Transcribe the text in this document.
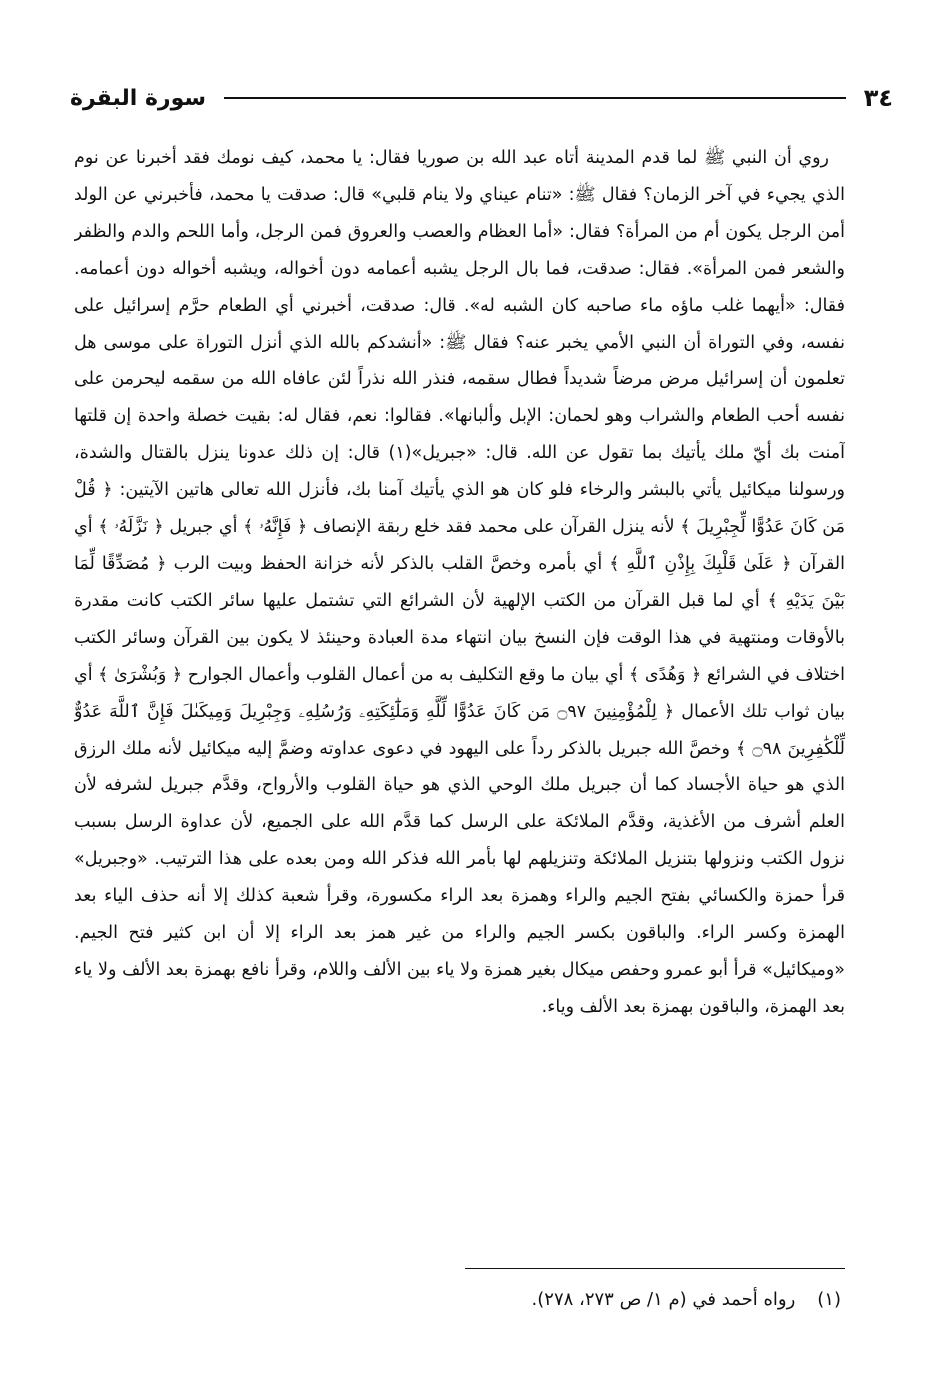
٣٤
سورة البقرة

روي أن النبي ﷺ لما قدم المدينة أتاه عبد الله بن صوريا فقال: يا محمد، كيف نومك فقد أخبرنا عن نوم الذي يجيء في آخر الزمان؟ فقال ﷺ: «تنام عيناي ولا ينام قلبي» قال: صدقت يا محمد، فأخبرني عن الولد أمن الرجل يكون أم من المرأة؟ فقال: «أما العظام والعصب والعروق فمن الرجل، وأما اللحم والدم والظفر والشعر فمن المرأة». فقال: صدقت، فما بال الرجل يشبه أعمامه دون أخواله، ويشبه أخواله دون أعمامه. فقال: «أيهما غلب ماؤه ماء صاحبه كان الشبه له». قال: صدقت، أخبرني أي الطعام حرَّم إسرائيل على نفسه، وفي التوراة أن النبي الأمي يخبر عنه؟ فقال ﷺ: «أنشدكم بالله الذي أنزل التوراة على موسى هل تعلمون أن إسرائيل مرض مرضاً شديداً فطال سقمه، فنذر الله نذراً لئن عافاه الله من سقمه ليحرمن على نفسه أحب الطعام والشراب وهو لحمان: الإبل وألبانها». فقالوا: نعم، فقال له: بقيت خصلة واحدة إن قلتها آمنت بك أيّ ملك يأتيك بما تقول عن الله. قال: «جبريل»(١) قال: إن ذلك عدونا ينزل بالقتال والشدة، ورسولنا ميكائيل يأتي بالبشر والرخاء فلو كان هو الذي يأتيك آمنا بك، فأنزل الله تعالى هاتين الآيتين: ﴿ قُلْ مَن كَانَ عَدُوًّا لِّجِبْرِيلَ ﴾ لأنه ينزل القرآن على محمد فقد خلع ربقة الإنصاف ﴿ فَإِنَّهُۥ ﴾ أي جبريل ﴿ نَزَّلَهُۥ ﴾ أي القرآن ﴿ عَلَىٰ قَلْبِكَ بِإِذْنِ ٱللَّهِ ﴾ أي بأمره وخصَّ القلب بالذكر لأنه خزانة الحفظ وبيت الرب ﴿ مُصَدِّقًا لِّمَا بَيْنَ يَدَيْهِ ﴾ أي لما قبل القرآن من الكتب الإلهية لأن الشرائع التي تشتمل عليها سائر الكتب كانت مقدرة بالأوقات ومنتهية في هذا الوقت فإن النسخ بيان انتهاء مدة العبادة وحينئذ لا يكون بين القرآن وسائر الكتب اختلاف في الشرائع ﴿ وَهُدًى ﴾ أي بيان ما وقع التكليف به من أعمال القلوب وأعمال الجوارح ﴿ وَبُشْرَىٰ ﴾ أي بيان ثواب تلك الأعمال ﴿ لِلْمُؤْمِنِينَ ۝٩٧ مَن كَانَ عَدُوًّا لِّلَّهِ وَمَلَٰٓئِكَتِهِۦ وَرُسُلِهِۦ وَجِبْرِيلَ وَمِيكَىٰلَ فَإِنَّ ٱللَّهَ عَدُوٌّ لِّلْكَٰفِرِينَ ۝٩٨ ﴾ وخصَّ الله جبريل بالذكر رداً على اليهود في دعوى عداوته وضمَّ إليه ميكائيل لأنه ملك الرزق الذي هو حياة الأجساد كما أن جبريل ملك الوحي الذي هو حياة القلوب والأرواح، وقدَّم جبريل لشرفه لأن العلم أشرف من الأغذية، وقدَّم الملائكة على الرسل كما قدَّم الله على الجميع، لأن عداوة الرسل بسبب نزول الكتب ونزولها بتنزيل الملائكة وتنزيلهم لها بأمر الله فذكر الله ومن بعده على هذا الترتيب. «وجبريل» قرأ حمزة والكسائي بفتح الجيم والراء وهمزة بعد الراء مكسورة، وقرأ شعبة كذلك إلا أنه حذف الياء بعد الهمزة وكسر الراء. والباقون بكسر الجيم والراء من غير همز بعد الراء إلا أن ابن كثير فتح الجيم. «وميكائيل» قرأ أبو عمرو وحفص ميكال بغير همزة ولا ياء بين الألف واللام، وقرأ نافع بهمزة بعد الألف ولا ياء بعد الهمزة، والباقون بهمزة بعد الألف وياء.

(١)رواه أحمد في (م ١/ ص ٢٧٣، ٢٧٨).
